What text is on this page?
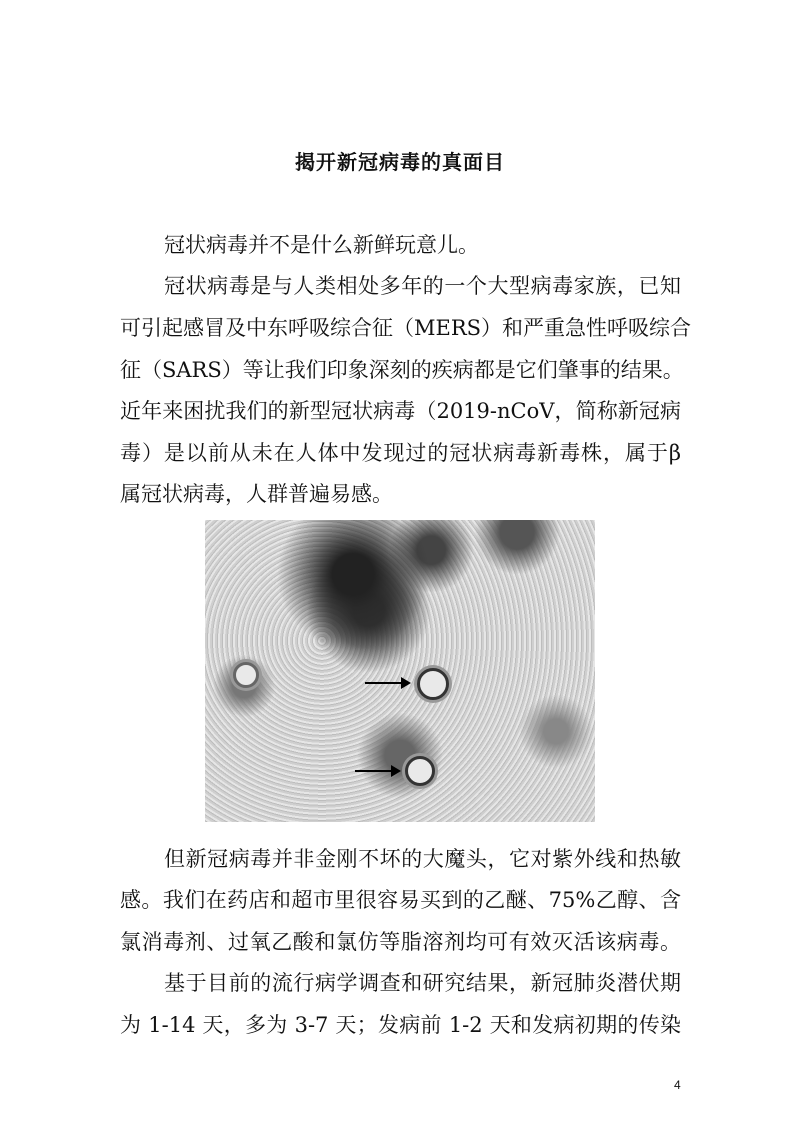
揭开新冠病毒的真面目
冠状病毒并不是什么新鲜玩意儿。
冠状病毒是与人类相处多年的一个大型病毒家族，已知
可引起感冒及中东呼吸综合征（MERS）和严重急性呼吸综合
征（SARS）等让我们印象深刻的疾病都是它们肇事的结果。
近年来困扰我们的新型冠状病毒（2019-nCoV，简称新冠病
毒）是以前从未在人体中发现过的冠状病毒新毒株，属于β
属冠状病毒，人群普遍易感。
但新冠病毒并非金刚不坏的大魔头，它对紫外线和热敏
感。我们在药店和超市里很容易买到的乙醚、75%乙醇、含
氯消毒剂、过氧乙酸和氯仿等脂溶剂均可有效灭活该病毒。
基于目前的流行病学调查和研究结果，新冠肺炎潜伏期
为 1-14 天，多为 3-7 天；发病前 1-2 天和发病初期的传染
4
